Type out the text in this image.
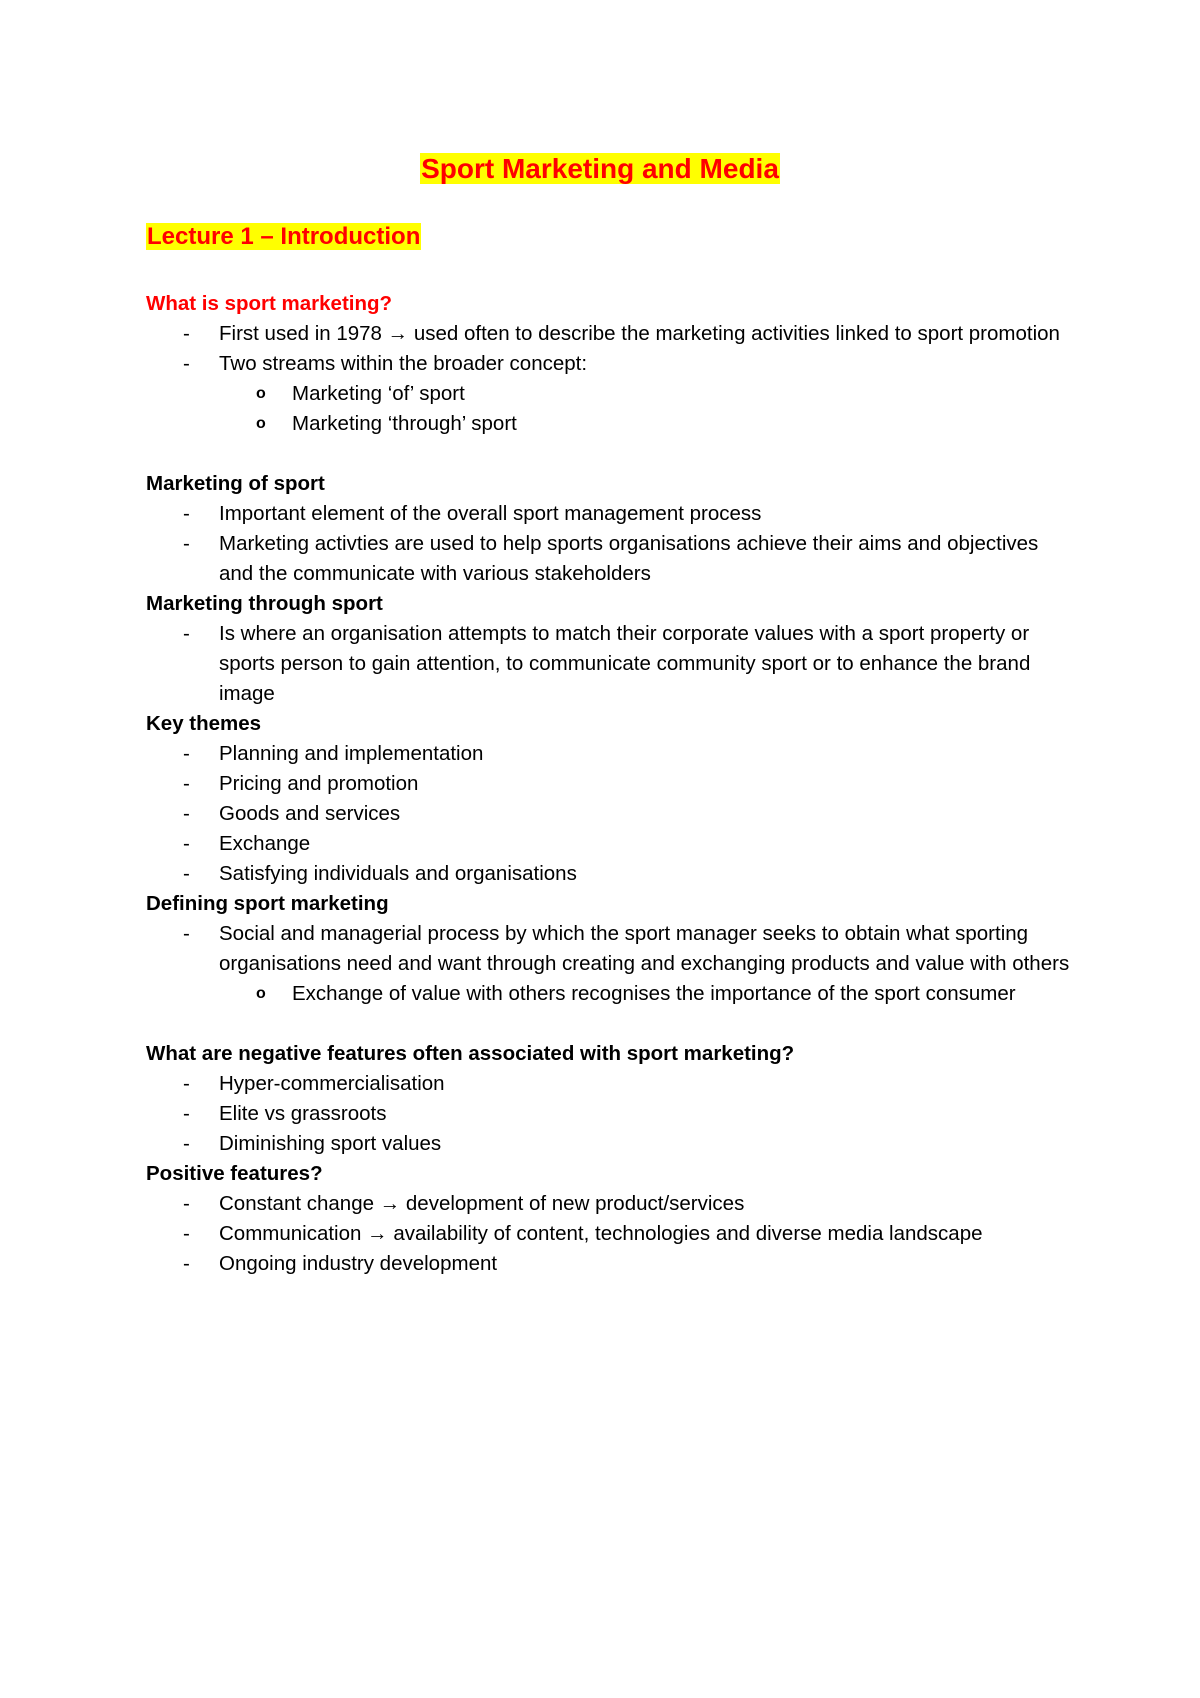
Sport Marketing and Media
Lecture 1 – Introduction
What is sport marketing?
- First used in 1978 → used often to describe the marketing activities linked to sport promotion
- Two streams within the broader concept:
o Marketing ‘of’ sport
o Marketing ‘through’ sport
Marketing of sport
- Important element of the overall sport management process
- Marketing activties are used to help sports organisations achieve their aims and objectives and the communicate with various stakeholders
Marketing through sport
- Is where an organisation attempts to match their corporate values with a sport property or sports person to gain attention, to communicate community sport or to enhance the brand image
Key themes
- Planning and implementation
- Pricing and promotion
- Goods and services
- Exchange
- Satisfying individuals and organisations
Defining sport marketing
- Social and managerial process by which the sport manager seeks to obtain what sporting organisations need and want through creating and exchanging products and value with others
o Exchange of value with others recognises the importance of the sport consumer
What are negative features often associated with sport marketing?
- Hyper-commercialisation
- Elite vs grassroots
- Diminishing sport values
Positive features?
- Constant change → development of new product/services
- Communication → availability of content, technologies and diverse media landscape
- Ongoing industry development
